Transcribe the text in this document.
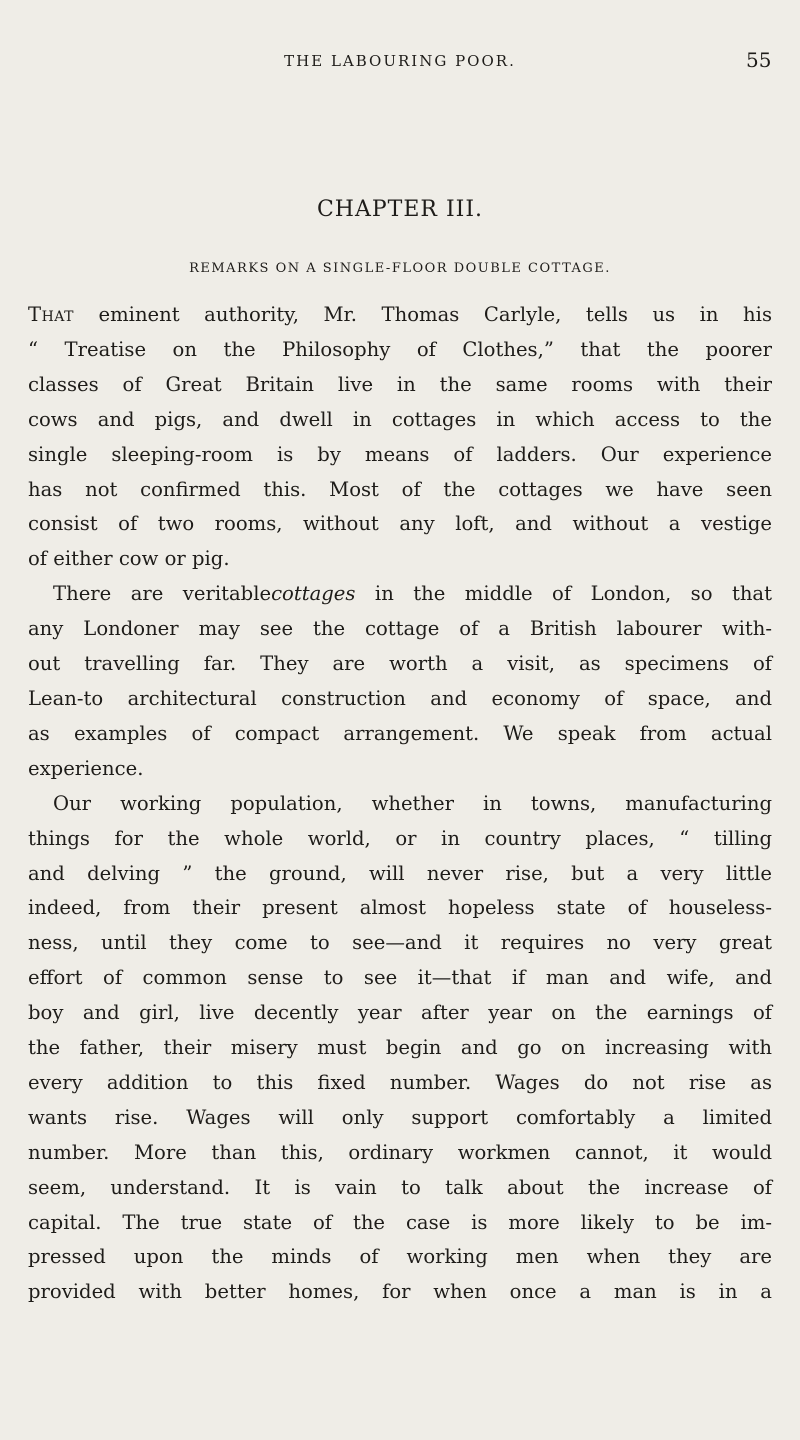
THE LABOURING POOR.	55
CHAPTER III.
REMARKS ON A SINGLE-FLOOR DOUBLE COTTAGE.
That eminent authority, Mr. Thomas Carlyle, tells us in his
“ Treatise on the Philosophy of Clothes,” that the poorer
classes of Great Britain live in the same rooms with their
cows and pigs, and dwell in cottages in which access to the
single sleeping-room is by means of ladders. Our experience
has not confirmed this. Most of the cottages we have seen
consist of two rooms, without any loft, and without a vestige
of either cow or pig.
There are veritablecottages in the middle of London, so that
any Londoner may see the cottage of a British labourer with-
out travelling far. They are worth a visit, as specimens of
Lean-to architectural construction and economy of space, and
as examples of compact arrangement. We speak from actual
experience.
Our working population, whether in towns, manufacturing
things for the whole world, or in country places, “ tilling
and delving ” the ground, will never rise, but a very little
indeed, from their present almost hopeless state of houseless-
ness, until they come to see—and it requires no very great
effort of common sense to see it—that if man and wife, and
boy and girl, live decently year after year on the earnings of
the father, their misery must begin and go on increasing with
every addition to this fixed number. Wages do not rise as
wants rise. Wages will only support comfortably a limited
number. More than this, ordinary workmen cannot, it would
seem, understand. It is vain to talk about the increase of
capital. The true state of the case is more likely to be im-
pressed upon the minds of working men when they are
provided with better homes, for when once a man is in a
